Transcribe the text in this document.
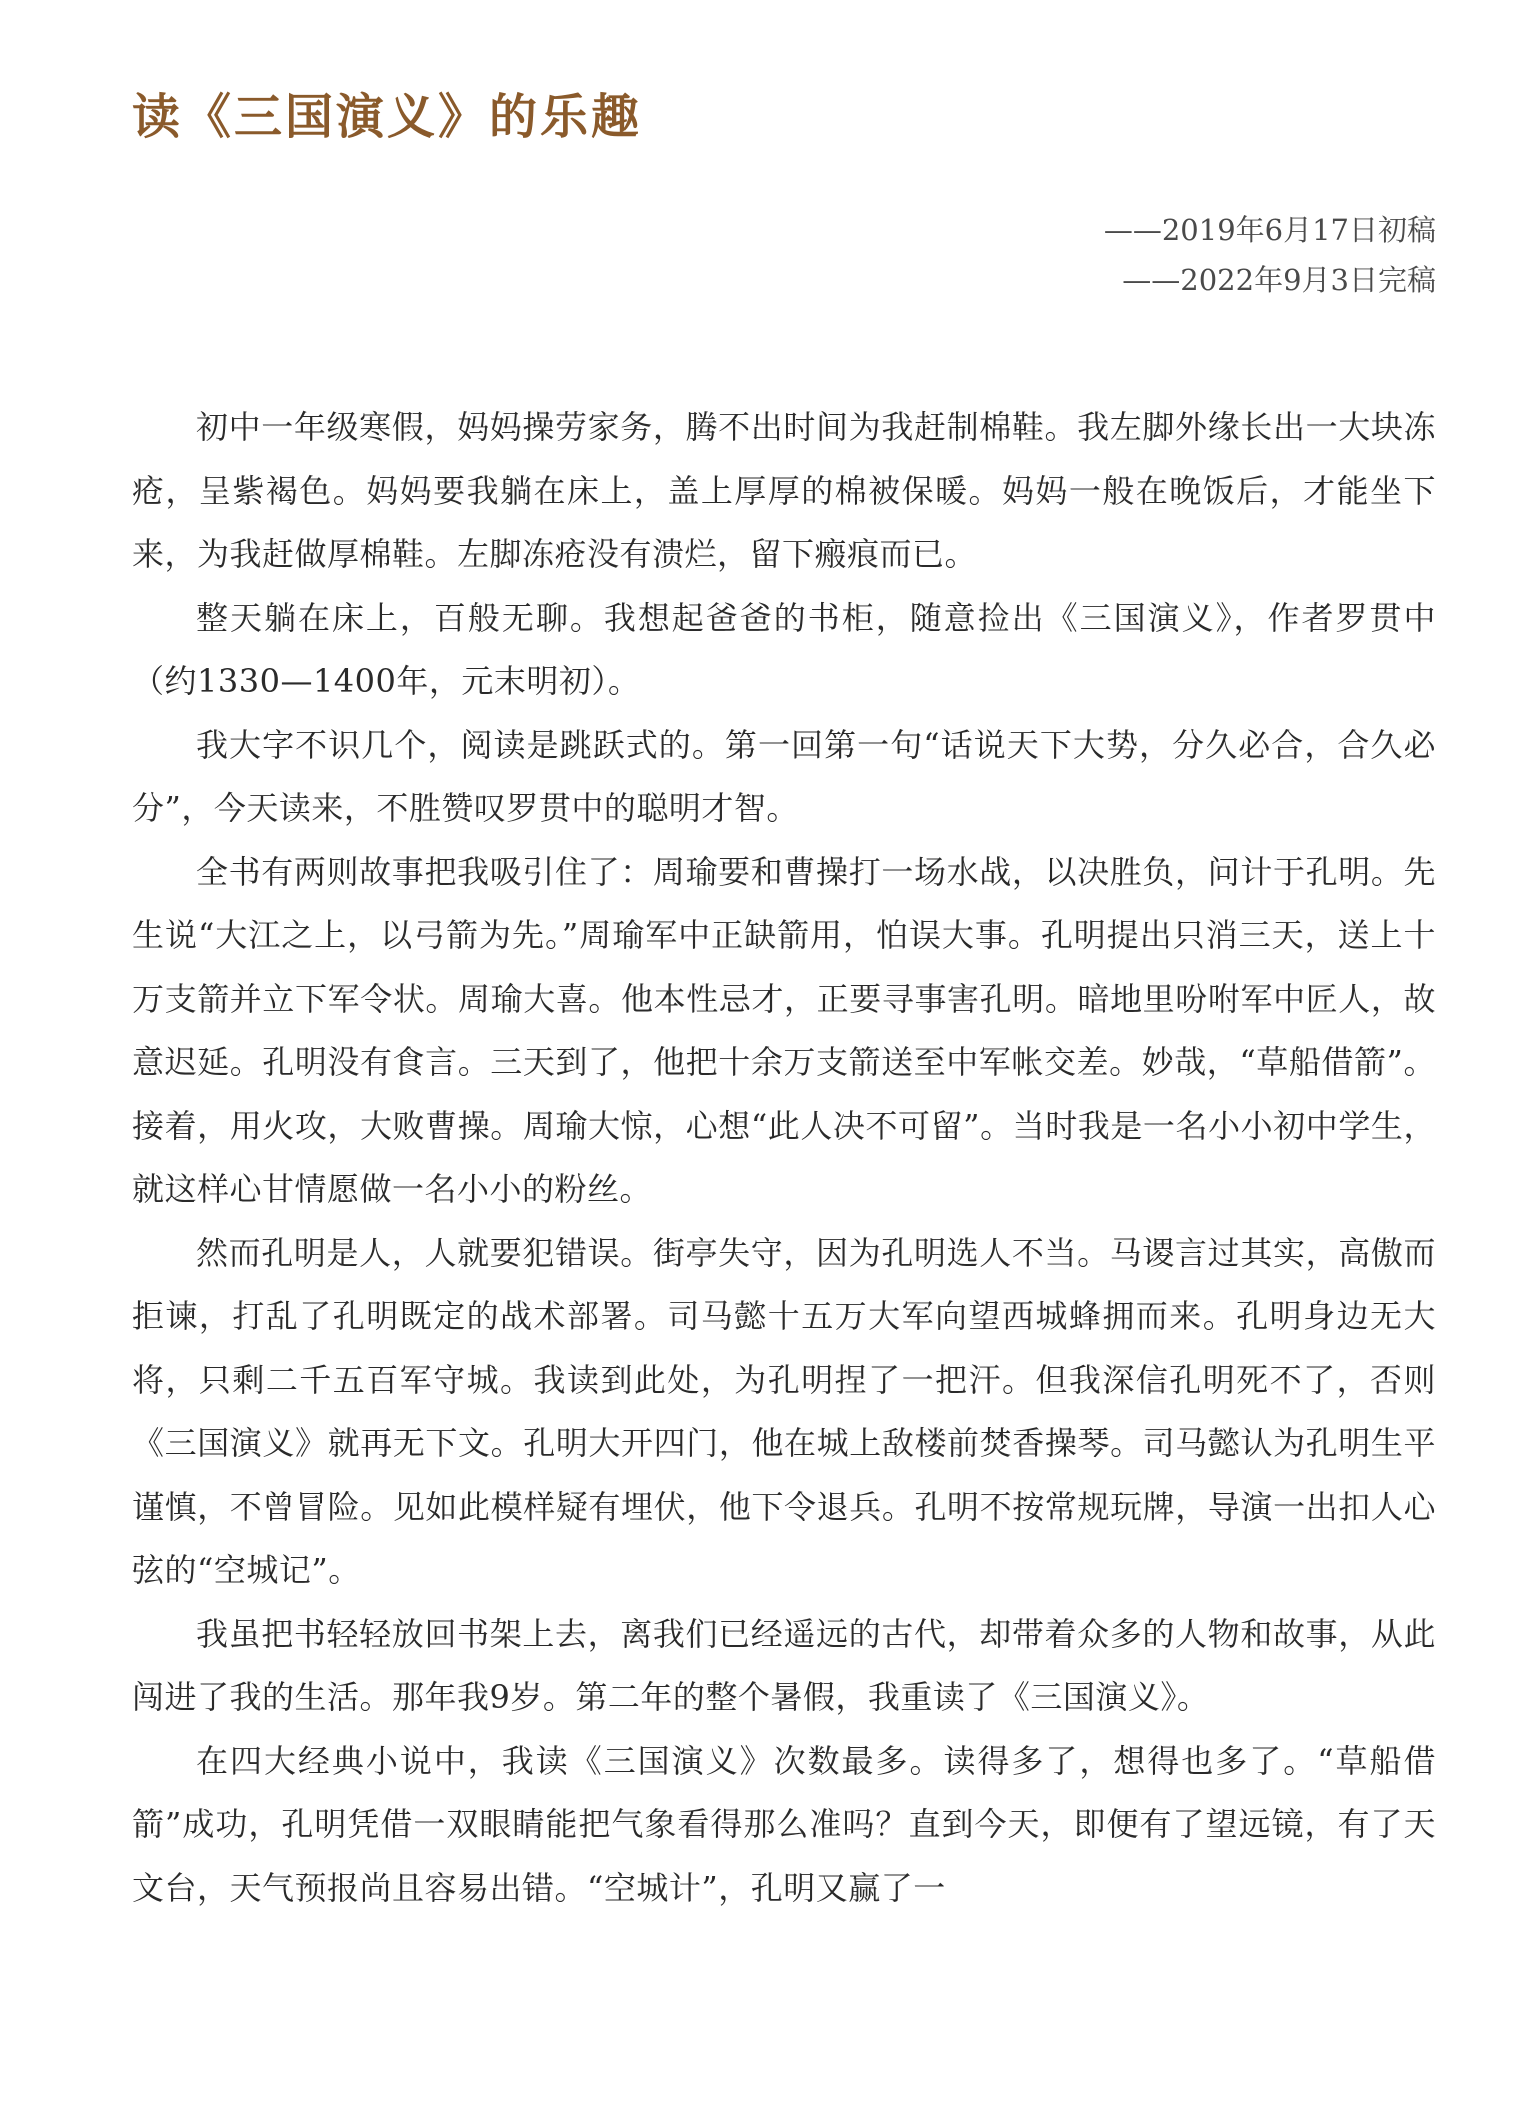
读《三国演义》的乐趣
——2019年6月17日初稿
——2022年9月3日完稿

初中一年级寒假，妈妈操劳家务，腾不出时间为我赶制棉鞋。我左脚外缘长出一大块冻疮，呈紫褐色。妈妈要我躺在床上，盖上厚厚的棉被保暖。妈妈一般在晚饭后，才能坐下来，为我赶做厚棉鞋。左脚冻疮没有溃烂，留下瘢痕而已。

整天躺在床上，百般无聊。我想起爸爸的书柜，随意捡出《三国演义》，作者罗贯中（约1330—1400年，元末明初）。

我大字不识几个，阅读是跳跃式的。第一回第一句“话说天下大势，分久必合，合久必分”，今天读来，不胜赞叹罗贯中的聪明才智。

全书有两则故事把我吸引住了：周瑜要和曹操打一场水战，以决胜负，问计于孔明。先生说“大江之上，以弓箭为先。”周瑜军中正缺箭用，怕误大事。孔明提出只消三天，送上十万支箭并立下军令状。周瑜大喜。他本性忌才，正要寻事害孔明。暗地里吩咐军中匠人，故意迟延。孔明没有食言。三天到了，他把十余万支箭送至中军帐交差。妙哉，“草船借箭”。接着，用火攻，大败曹操。周瑜大惊，心想“此人决不可留”。当时我是一名小小初中学生，就这样心甘情愿做一名小小的粉丝。

然而孔明是人，人就要犯错误。街亭失守，因为孔明选人不当。马谡言过其实，高傲而拒谏，打乱了孔明既定的战术部署。司马懿十五万大军向望西城蜂拥而来。孔明身边无大将，只剩二千五百军守城。我读到此处，为孔明捏了一把汗。但我深信孔明死不了，否则《三国演义》就再无下文。孔明大开四门，他在城上敌楼前焚香操琴。司马懿认为孔明生平谨慎，不曾冒险。见如此模样疑有埋伏，他下令退兵。孔明不按常规玩牌，导演一出扣人心弦的“空城记”。

我虽把书轻轻放回书架上去，离我们已经遥远的古代，却带着众多的人物和故事，从此闯进了我的生活。那年我9岁。第二年的整个暑假，我重读了《三国演义》。

在四大经典小说中，我读《三国演义》次数最多。读得多了，想得也多了。“草船借箭”成功，孔明凭借一双眼睛能把气象看得那么准吗？直到今天，即便有了望远镜，有了天文台，天气预报尚且容易出错。“空城计”，孔明又赢了一
